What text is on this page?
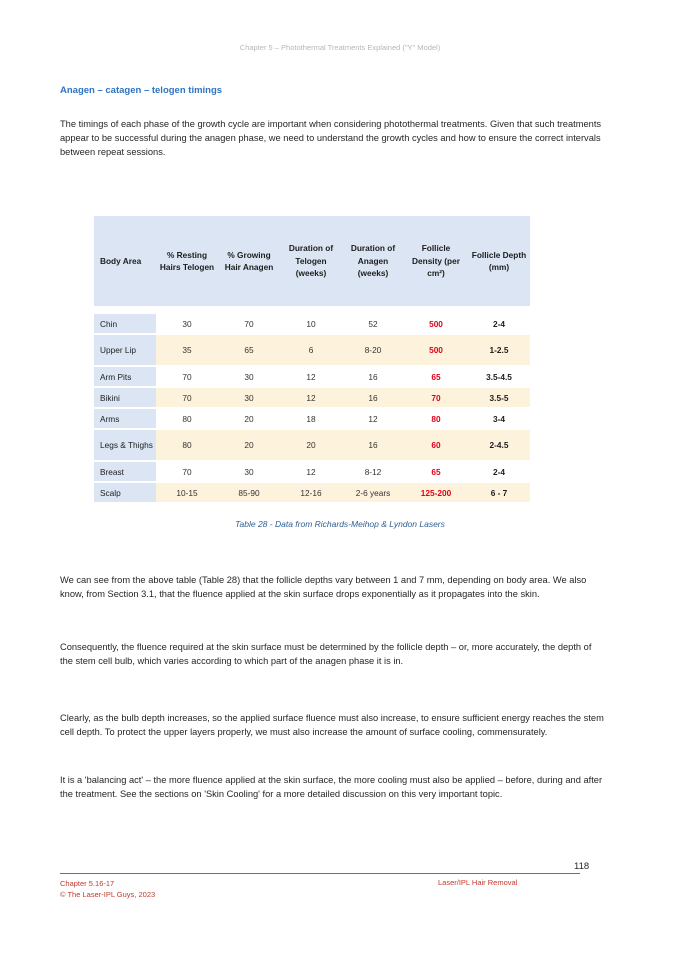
Chapter 5 – Photothermal Treatments Explained ("Y" Model)
Anagen – catagen – telogen timings
The timings of each phase of the growth cycle are important when considering photothermal treatments. Given that such treatments appear to be successful during the anagen phase, we need to understand the growth cycles and how to ensure the correct intervals between repeat sessions.
Body Area	% Resting Hairs Telogen	% Growing Hair Anagen	Duration of Telogen (weeks)	Duration of Anagen (weeks)	Follicle Density (per cm²)	Follicle Depth (mm)

Chin	30	70	10	52	500	2-4
Upper Lip	35	65	6	8-20	500	1-2.5
Arm Pits	70	30	12	16	65	3.5-4.5
Bikini	70	30	12	16	70	3.5-5
Arms	80	20	18	12	80	3-4
Legs & Thighs	80	20	20	16	60	2-4.5
Breast	70	30	12	8-12	65	2-4
Scalp	10-15	85-90	12-16	2-6 years	125-200	6 - 7
Table 28 - Data from Richards-Meihop & Lyndon Lasers
We can see from the above table (Table 28) that the follicle depths vary between 1 and 7 mm, depending on body area. We also know, from Section 3.1, that the fluence applied at the skin surface drops exponentially as it propagates into the skin.
Consequently, the fluence required at the skin surface must be determined by the follicle depth – or, more accurately, the depth of the stem cell bulb, which varies according to which part of the anagen phase it is in.
Clearly, as the bulb depth increases, so the applied surface fluence must also increase, to ensure sufficient energy reaches the stem cell depth. To protect the upper layers properly, we must also increase the amount of surface cooling, commensurately.
It is a 'balancing act' – the more fluence applied at the skin surface, the more cooling must also be applied – before, during and after the treatment. See the sections on 'Skin Cooling' for a more detailed discussion on this very important topic.
118
Chapter 5.16-17
© The Laser-IPL Guys, 2023
Laser/IPL Hair Removal
